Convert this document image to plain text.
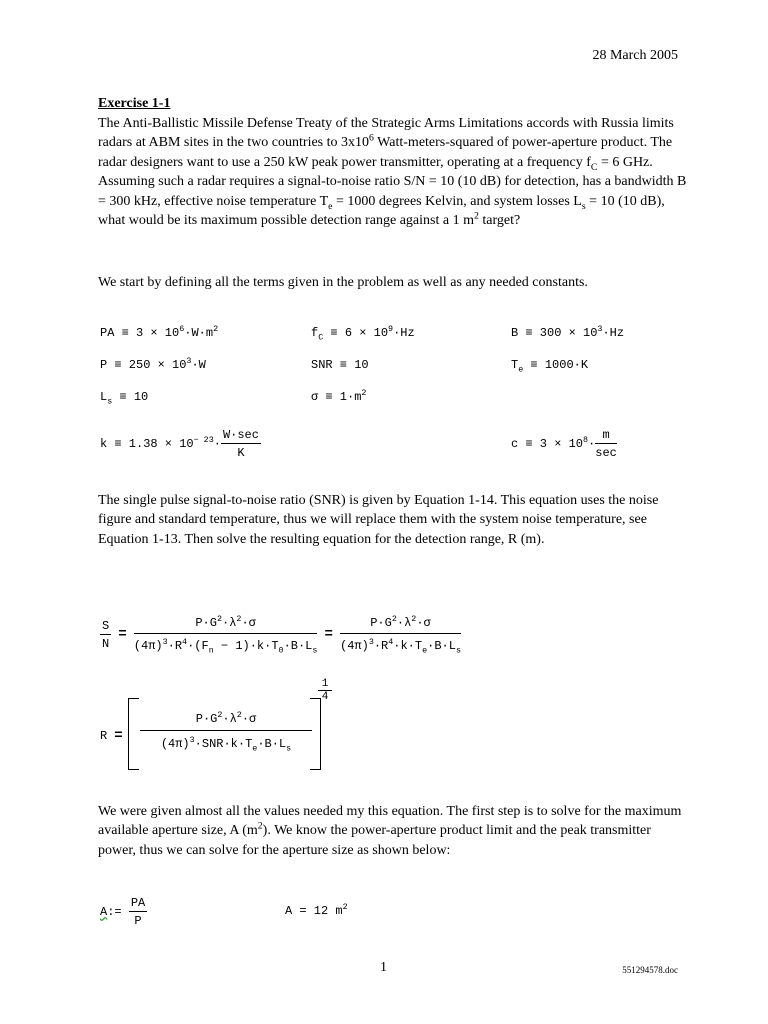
28 March 2005
Exercise 1-1
The Anti-Ballistic Missile Defense Treaty of the Strategic Arms Limitations accords with Russia limits radars at ABM sites in the two countries to $3x10^6$ Watt-meters-squared of power-aperture product. The radar designers want to use a 250 kW peak power transmitter, operating at a frequency $f_C = 6$ GHz. Assuming such a radar requires a signal-to-noise ratio S/N = 10 (10 dB) for detection, has a bandwidth B = 300 kHz, effective noise temperature $T_e = 1000$ degrees Kelvin, and system losses $L_s = 10$ (10 dB), what would be its maximum possible detection range against a 1 $m^2$ target?
We start by defining all the terms given in the problem as well as any needed constants.
PA ≡ $3 \times 10^6\cdot W\cdot m^2$	$f_C \equiv 6 \times 10^9\cdot Hz$	$B \equiv 300 \times 10^3\cdot Hz$
$P \equiv 250 \times 10^3\cdot W$	SNR ≡ 10	$T_e \equiv 1000\cdot K$
$L_s \equiv 10$	$\sigma \equiv 1\cdot m^2$
$k \equiv 1.38 \times 10^{- 23}\cdot \frac{W\cdot\sec}{K}$	$c \equiv 3 \times 10^8\cdot \frac{m}{\sec}$
The single pulse signal-to-noise ratio (SNR) is given by Equation 1-14. This equation uses the noise figure and standard temperature, thus we will replace them with the system noise temperature, see Equation 1-13. Then solve the resulting equation for the detection range, R (m).
$\frac{S}{N} = \frac{P\cdot G^2\cdot\lambda^2\cdot\sigma}{(4\pi)^3\cdot R^4\cdot(F_n - 1)\cdot k\cdot T_0\cdot B\cdot L_s} = \frac{P\cdot G^2\cdot\lambda^2\cdot\sigma}{(4\pi)^3\cdot R^4\cdot k\cdot T_e\cdot B\cdot L_s}$
R =
$P\cdot G^2\cdot\lambda^2\cdot\sigma$
$(4\pi)^3\cdot SNR\cdot k\cdot T_e\cdot B\cdot L_s$
1
4
We were given almost all the values needed my this equation. The first step is to solve for the maximum available aperture size, A $(m^2)$. We know the power-aperture product limit and the peak transmitter power, thus we can solve for the aperture size as shown below:
A:= $\frac{PA}{P}$	A = 12 $m^2$
1	551294578.doc
